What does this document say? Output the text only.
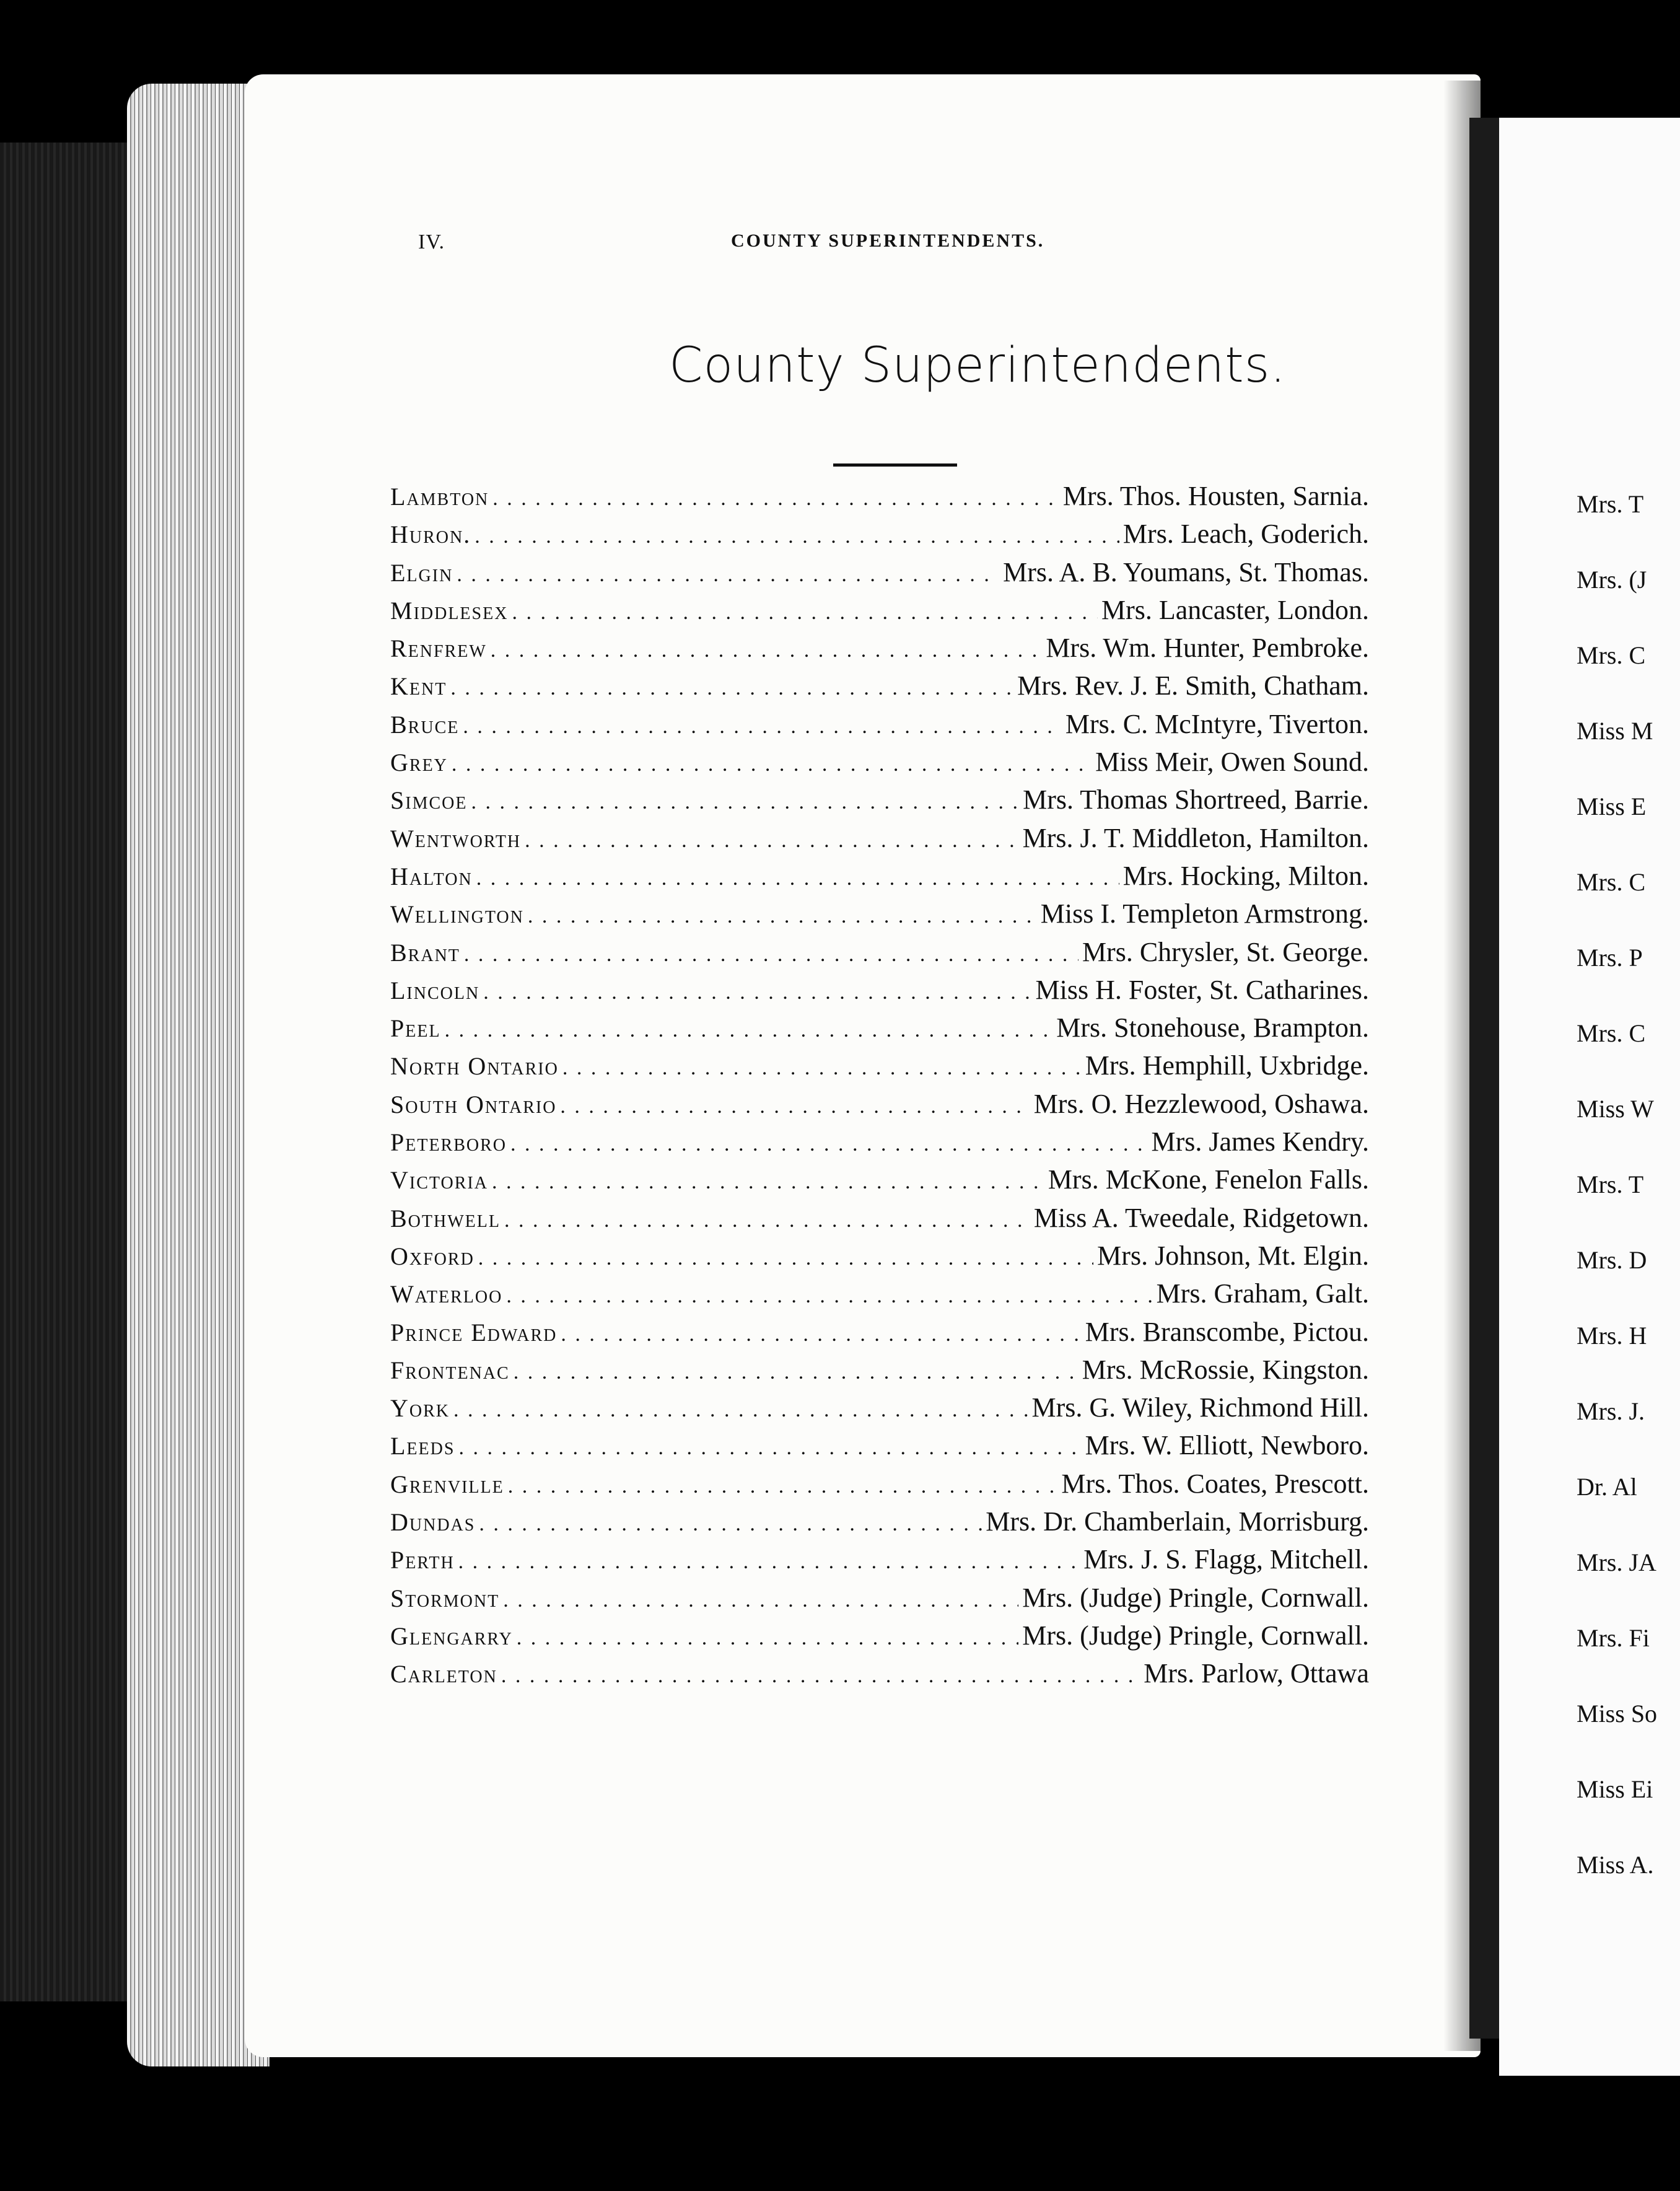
IV.	COUNTY SUPERINTENDENTS.
County Superintendents.
Lambton . . .	Mrs. Thos. Housten, Sarnia.
Huron. . . .	Mrs. Leach, Goderich.
Elgin . . .	Mrs. A. B. Youmans, St. Thomas.
Middlesex . . .	Mrs. Lancaster, London.
Renfrew . . .	Mrs. Wm. Hunter, Pembroke.
Kent . . .	Mrs. Rev. J. E. Smith, Chatham.
Bruce . . .	Mrs. C. McIntyre, Tiverton.
Grey . . .	Miss Meir, Owen Sound.
Simcoe . . .	Mrs. Thomas Shortreed, Barrie.
Wentworth . . .	Mrs. J. T. Middleton, Hamilton.
Halton . . .	Mrs. Hocking, Milton.
Wellington . . .	Miss I. Templeton Armstrong.
Brant . . .	Mrs. Chrysler, St. George.
Lincoln . . .	Miss H. Foster, St. Catharines.
Peel . . .	Mrs. Stonehouse, Brampton.
North Ontario . . .	Mrs. Hemphill, Uxbridge.
South Ontario . . .	Mrs. O. Hezzlewood, Oshawa.
Peterboro . . .	Mrs. James Kendry.
Victoria . . .	Mrs. McKone, Fenelon Falls.
Bothwell . . .	Miss A. Tweedale, Ridgetown.
Oxford . . .	Mrs. Johnson, Mt. Elgin.
Waterloo . . .	Mrs. Graham, Galt.
Prince Edward . . .	Mrs. Branscombe, Pictou.
Frontenac . . .	Mrs. McRossie, Kingston.
York . . .	Mrs. G. Wiley, Richmond Hill.
Leeds . . .	Mrs. W. Elliott, Newboro.
Grenville . . .	Mrs. Thos. Coates, Prescott.
Dundas . . .	Mrs. Dr. Chamberlain, Morrisburg.
Perth . . .	Mrs. J. S. Flagg, Mitchell.
Stormont . . .	Mrs. (Judge) Pringle, Cornwall.
Glengarry . . .	Mrs. (Judge) Pringle, Cornwall.
Carleton . . .	Mrs. Parlow, Ottawa
Mrs. T
Mrs. (J
Mrs. C
Miss M
Miss E
Mrs. C
Mrs. P
Mrs. C
Miss W
Mrs. T
Mrs. D
Mrs. H
Mrs. J.
Dr. Al
Mrs. JA
Mrs. Fi
Miss So
Miss Ei
Miss A.
